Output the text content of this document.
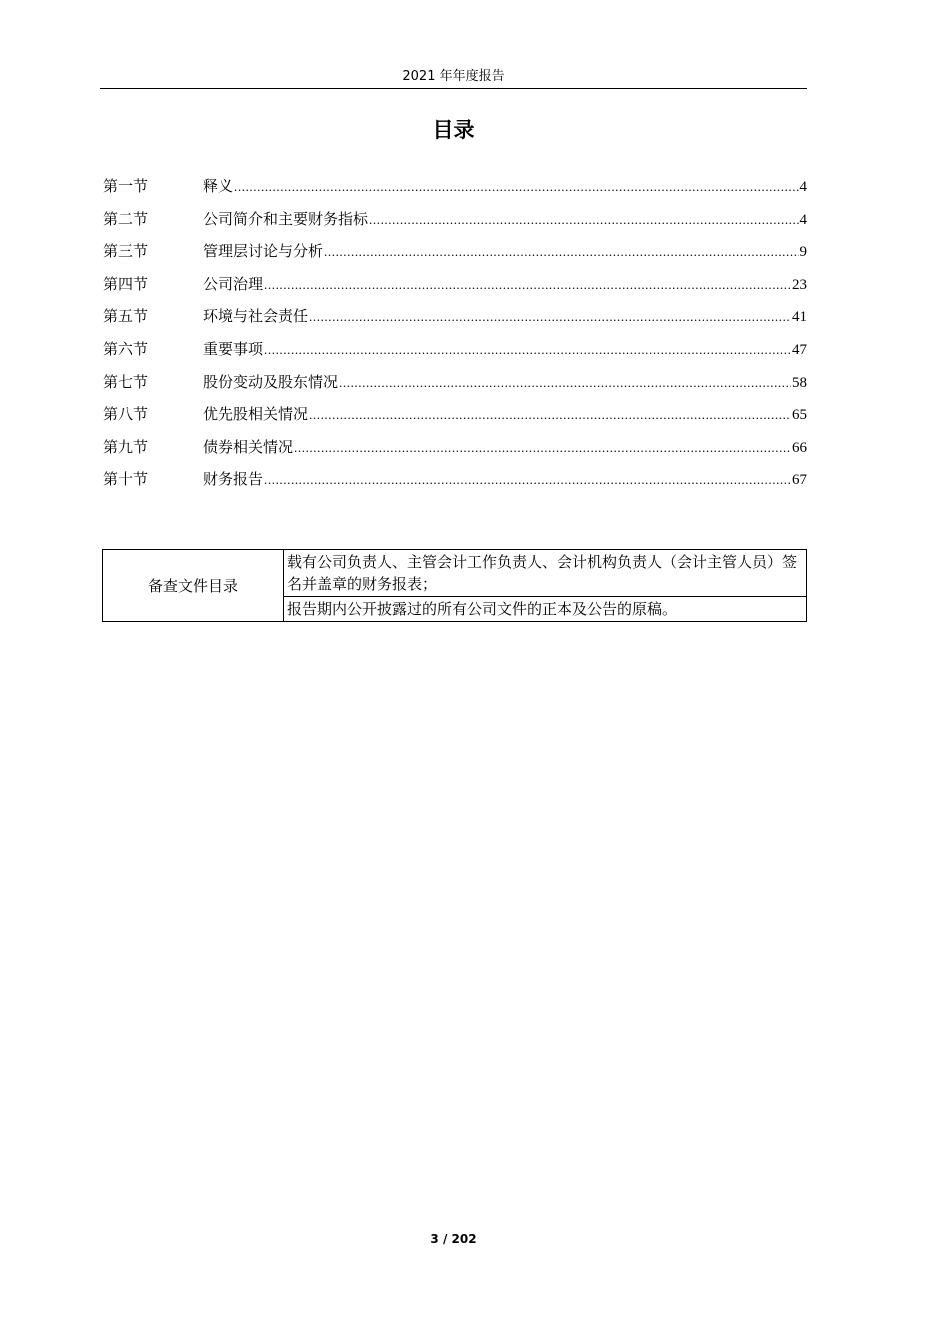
2021 年年度报告
目录
第一节	释义 .....	4
第二节	公司简介和主要财务指标 .....	4
第三节	管理层讨论与分析 .....	9
第四节	公司治理 .....	23
第五节	环境与社会责任 .....	41
第六节	重要事项 .....	47
第七节	股份变动及股东情况 .....	58
第八节	优先股相关情况 .....	65
第九节	债券相关情况 .....	66
第十节	财务报告 .....	67
备查文件目录	载有公司负责人、主管会计工作负责人、会计机构负责人（会计主管人员）签名并盖章的财务报表；
报告期内公开披露过的所有公司文件的正本及公告的原稿。
3 / 202
